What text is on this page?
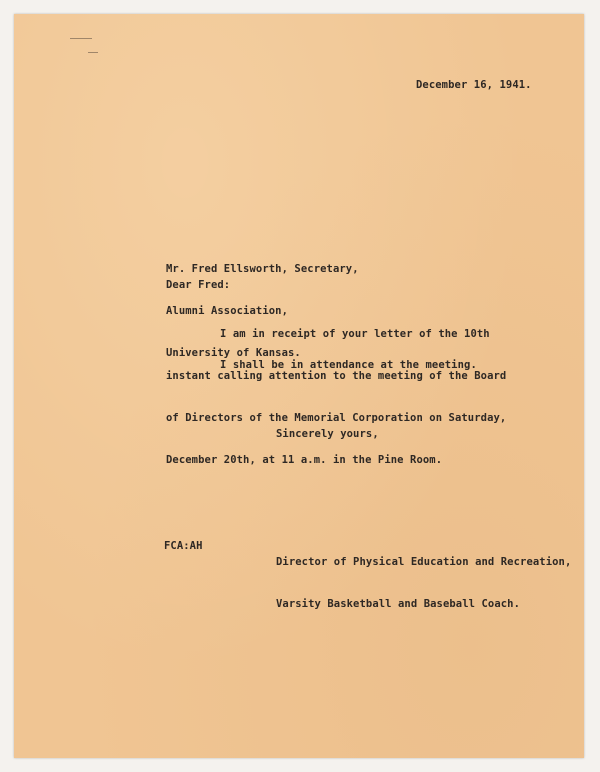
December 16, 1941.

Mr. Fred Ellsworth, Secretary,

Alumni Association,

University of Kansas.

Dear Fred:

I am in receipt of your letter of the 10th

instant calling attention to the meeting of the Board

of Directors of the Memorial Corporation on Saturday,

December 20th, at 11 a.m. in the Pine Room.

I shall be in attendance at the meeting.
Sincerely yours,

Director of Physical Education and Recreation,

Varsity Basketball and Baseball Coach.

FCA:AH
